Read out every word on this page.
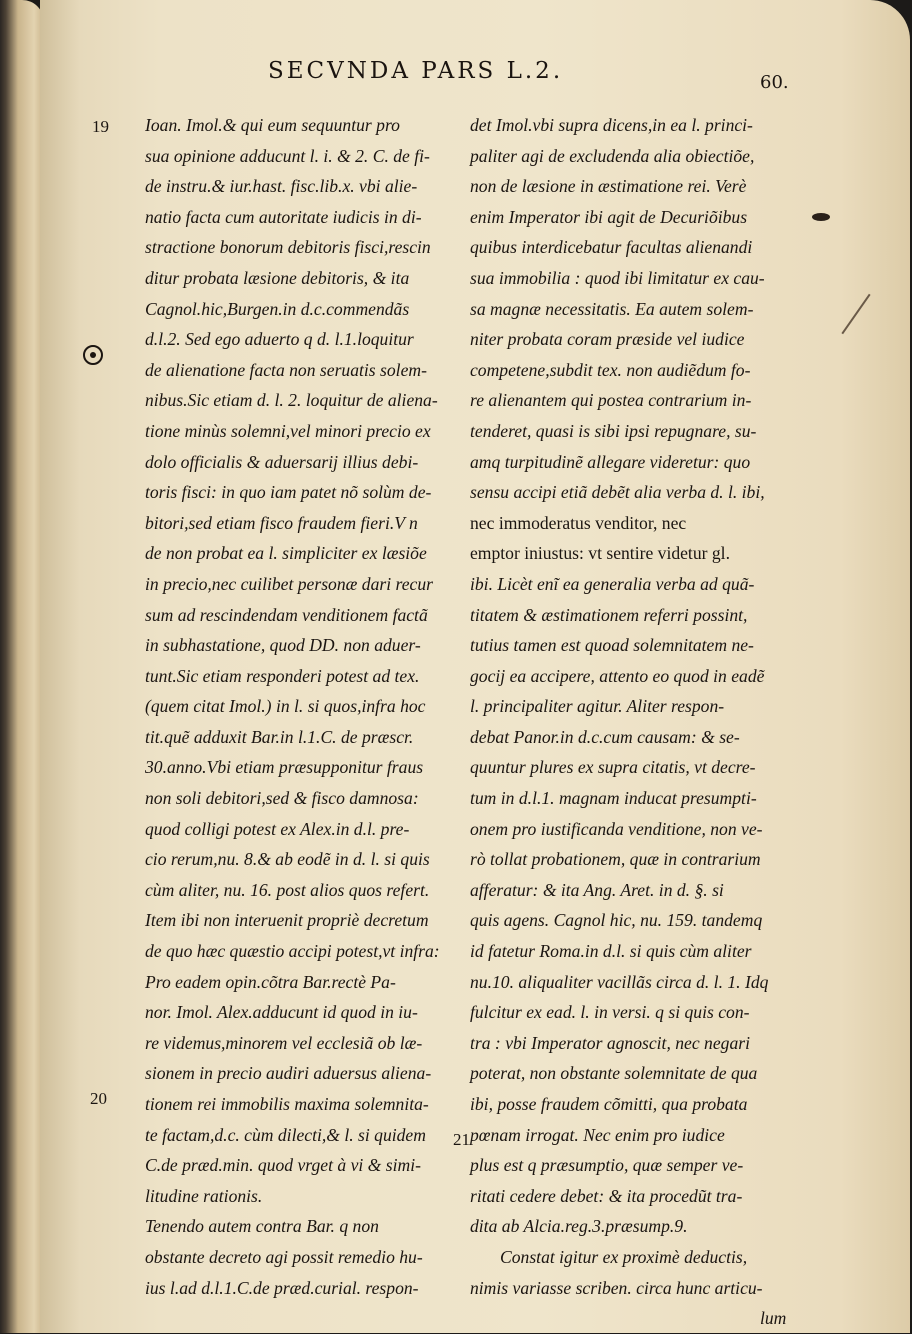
SECVNDA PARS L.2.	60.
19
20
21
Ioan. Imol.& qui eum sequuntur pro
sua opinione adducunt l. i. & 2. C. de fi-
de instru.& iur.hast. fisc.lib.x. vbi alie-
natio facta cum autoritate iudicis in di-
stractione bonorum debitoris fisci,rescin
ditur probata læsione debitoris, & ita
Cagnol.hic,Burgen.in d.c.commendãs
d.l.2. Sed ego aduerto q d. l.1.loquitur
de alienatione facta non seruatis solem-
nibus.Sic etiam d. l. 2. loquitur de aliena-
tione minùs solemni,vel minori precio ex
dolo officialis & aduersarij illius debi-
toris fisci: in quo iam patet nõ solùm de-
bitori,sed etiam fisco fraudem fieri.V n
de non probat ea l. simpliciter ex læsiõe
in precio,nec cuilibet personæ dari recur
sum ad rescindendam venditionem factã
in subhastatione, quod DD. non aduer-
tunt.Sic etiam responderi potest ad tex.
(quem citat Imol.) in l. si quos,infra hoc
tit.quẽ adduxit Bar.in l.1.C. de præscr.
30.anno.Vbi etiam præsupponitur fraus
non soli debitori,sed & fisco damnosa:
quod colligi potest ex Alex.in d.l. pre-
cio rerum,nu. 8.& ab eodẽ in d. l. si quis
cùm aliter, nu. 16. post alios quos refert.
Item ibi non interuenit propriè decretum
de quo hæc quæstio accipi potest,vt infra:
Pro eadem opin.cõtra Bar.rectè Pa-
nor. Imol. Alex.adducunt id quod in iu-
re videmus,minorem vel ecclesiã ob læ-
sionem in precio audiri aduersus aliena-
tionem rei immobilis maxima solemnita-
te factam,d.c. cùm dilecti,& l. si quidem
C.de præd.min. quod vrget à vi & simi-
litudine rationis.
Tenendo autem contra Bar. q non
obstante decreto agi possit remedio hu-
ius l.ad d.l.1.C.de præd.curial. respon-
det Imol.vbi supra dicens,in ea l. princi-
paliter agi de excludenda alia obiectiõe,
non de læsione in æstimatione rei. Verè
enim Imperator ibi agit de Decuriõibus
quibus interdicebatur facultas alienandi
sua immobilia : quod ibi limitatur ex cau-
sa magnæ necessitatis. Ea autem solem-
niter probata coram præside vel iudice
competene,subdit tex. non audiẽdum fo-
re alienantem qui postea contrarium in-
tenderet, quasi is sibi ipsi repugnare, su-
amq turpitudinẽ allegare videretur: quo
sensu accipi etiã debẽt alia verba d. l. ibi,
nec immoderatus venditor, nec
emptor iniustus: vt sentire videtur gl.
ibi. Licèt enĩ ea generalia verba ad quã-
titatem & æstimationem referri possint,
tutius tamen est quoad solemnitatem ne-
gocij ea accipere, attento eo quod in eadẽ
l. principaliter agitur. Aliter respon-
debat Panor.in d.c.cum causam: & se-
quuntur plures ex supra citatis, vt decre-
tum in d.l.1. magnam inducat presumpti-
onem pro iustificanda venditione, non ve-
rò tollat probationem, quæ in contrarium
afferatur: & ita Ang. Aret. in d. §. si
quis agens. Cagnol hic, nu. 159. tandemq
id fatetur Roma.in d.l. si quis cùm aliter
nu.10. aliqualiter vacillãs circa d. l. 1. Idq
fulcitur ex ead. l. in versi. q si quis con-
tra : vbi Imperator agnoscit, nec negari
poterat, non obstante solemnitate de qua
ibi, posse fraudem cõmitti, qua probata
pœnam irrogat. Nec enim pro iudice
plus est q præsumptio, quæ semper ve-
ritati cedere debet: & ita procedũt tra-
dita ab Alcia.reg.3.præsump.9.
Constat igitur ex proximè deductis,
nimis variasse scriben. circa hunc articu-
lum
